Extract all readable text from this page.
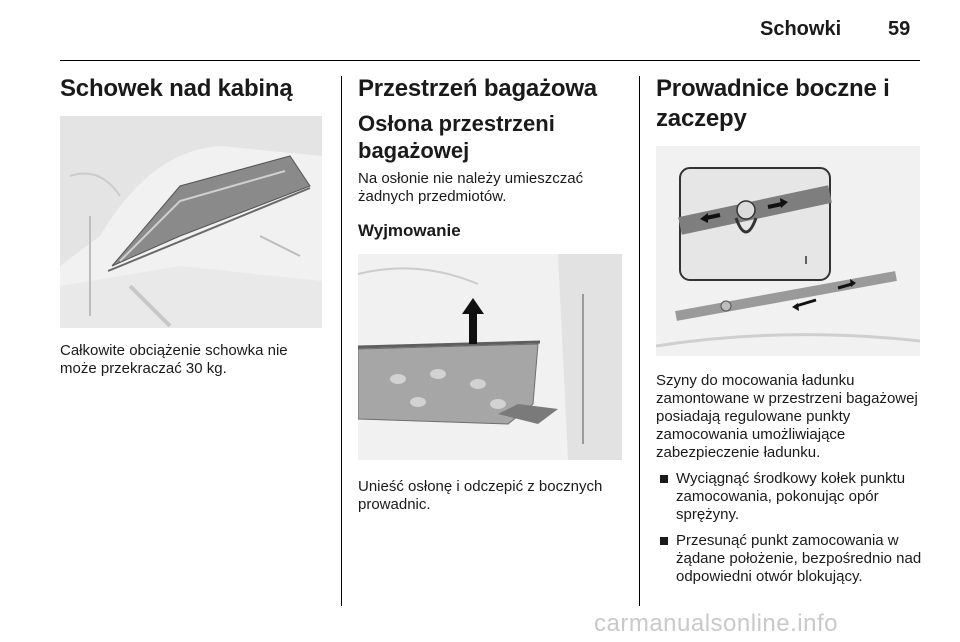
Schowki 59
Schowek nad kabiną

Całkowite obciążenie schowka nie może przekraczać 30 kg.

Przestrzeń bagażowa
Osłona przestrzeni bagażowej

Na osłonie nie należy umieszczać żadnych przedmiotów.

Wyjmowanie

Unieść osłonę i odczepić z bocznych prowadnic.

Prowadnice boczne i zaczepy

Szyny do mocowania ładunku zamontowane w przestrzeni bagażowej posiadają regulowane punkty zamocowania umożliwiające zabezpieczenie ładunku.

Wyciągnąć środkowy kołek punktu zamocowania, pokonując opór sprężyny.
Przesunąć punkt zamocowania w żądane położenie, bezpośrednio nad odpowiedni otwór blokujący.
carmanualsonline.info
